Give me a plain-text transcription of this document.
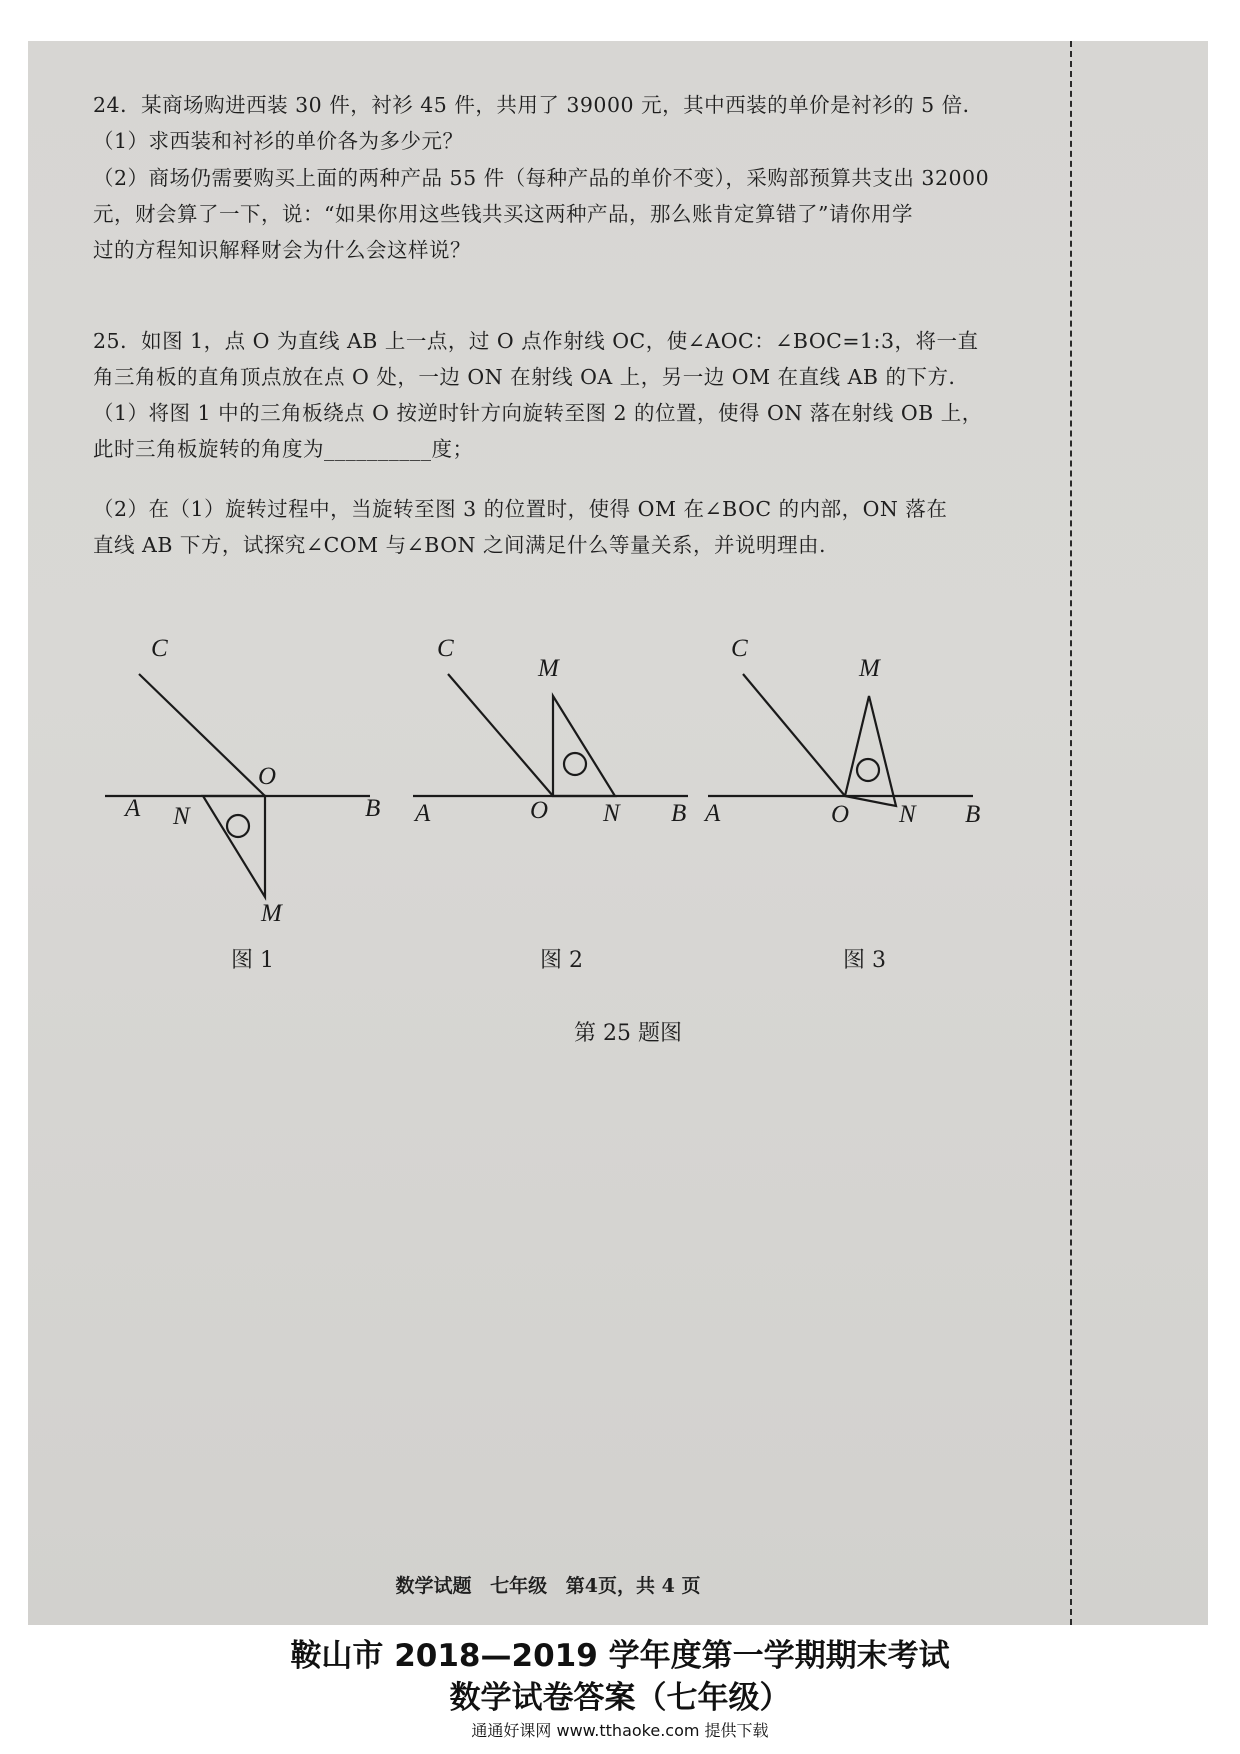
24．某商场购进西装 30 件，衬衫 45 件，共用了 39000 元，其中西装的单价是衬衫的 5 倍．
（1）求西装和衬衫的单价各为多少元？
（2）商场仍需要购买上面的两种产品 55 件（每种产品的单价不变），采购部预算共支出 32000
元，财会算了一下，说：“如果你用这些钱共买这两种产品，那么账肯定算错了”请你用学
过的方程知识解释财会为什么会这样说？
25．如图 1，点 O 为直线 AB 上一点，过 O 点作射线 OC，使∠AOC：∠BOC=1:3，将一直
角三角板的直角顶点放在点 O 处，一边 ON 在射线 OA 上，另一边 OM 在直线 AB 的下方．
（1）将图 1 中的三角板绕点 O 按逆时针方向旋转至图 2 的位置，使得 ON 落在射线 OB 上，
此时三角板旋转的角度为__________度；
（2）在（1）旋转过程中，当旋转至图 3 的位置时，使得 OM 在∠BOC 的内部，ON 落在
直线 AB 下方，试探究∠COM 与∠BON 之间满足什么等量关系，并说明理由.
C
O
A N	B
M
C
M
A	O N B
C
M
A	O N B
图 1	图 2	图 3
第 25 题图
数学试题 七年级 第4页，共 4 页
鞍山市 2018—2019 学年度第一学期期末考试
数学试卷答案（七年级）
通通好课网 www.tthaoke.com 提供下载
